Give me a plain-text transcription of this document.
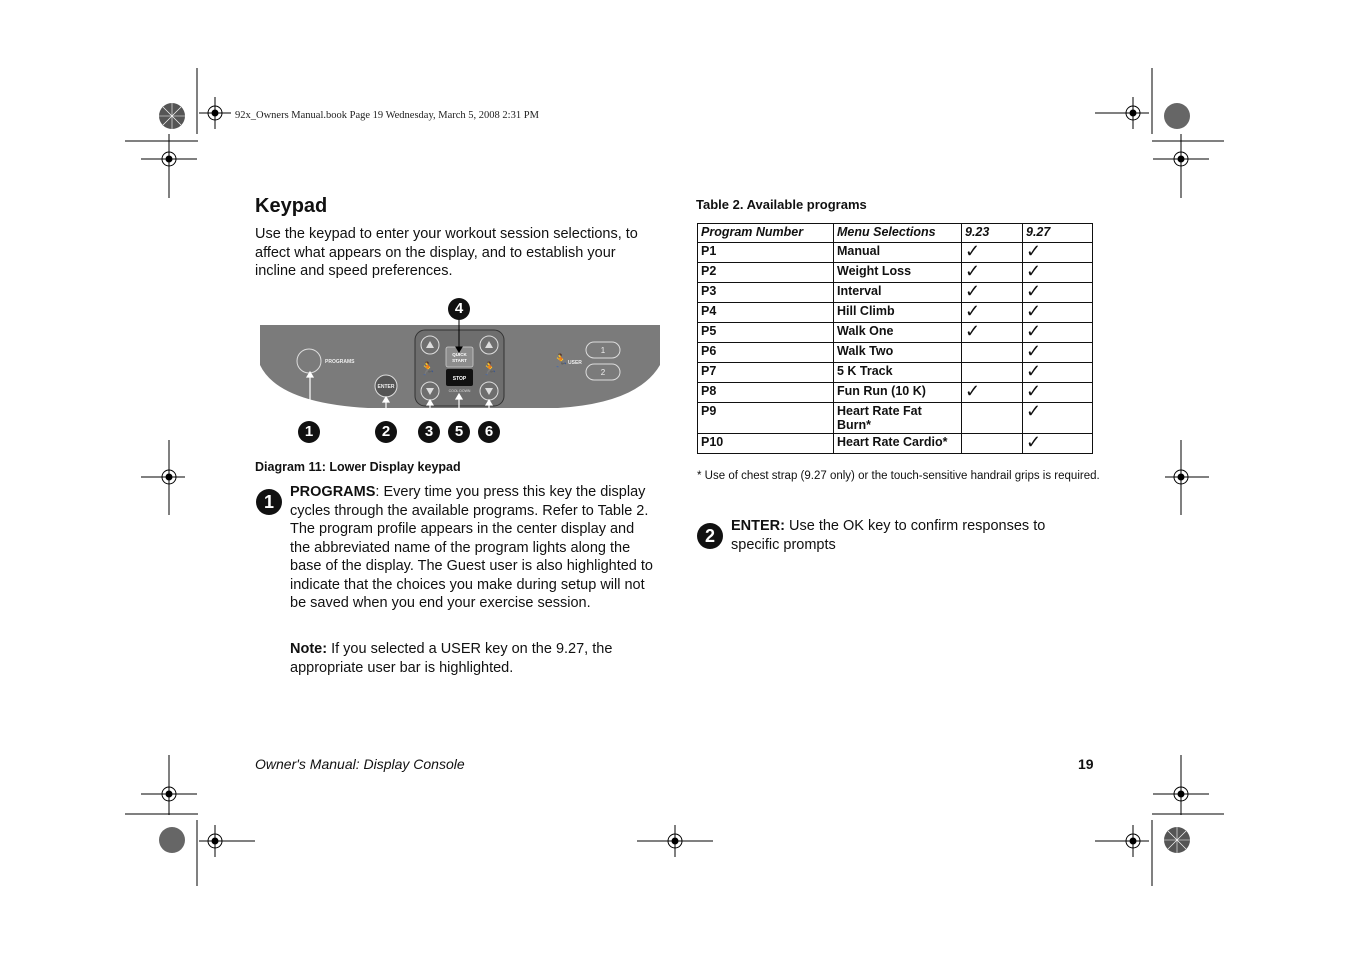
92x_Owners Manual.book Page 19 Wednesday, March 5, 2008 2:31 PM
Keypad
Use the keypad to enter your workout session selections, to affect what appears on the display, and to establish your incline and speed preferences.
PROGRAMS
ENTER
🏃	🏃
QUICK
START
STOP
COOL DOWN
🏃
USER
1
2
1	2	3
4
5	6
Diagram 11: Lower Display keypad
1	PROGRAMS: Every time you press this key the display cycles through the available programs. Refer to Table 2. The program profile appears in the center display and the abbreviated name of the program lights along the base of the display. The Guest user is also highlighted to indicate that the choices you make during setup will not be saved when you end your exercise session.
Note: If you selected a USER key on the 9.27, the appropriate user bar is highlighted.
Table 2. Available programs
Program Number	Menu Selections	9.23	9.27
P1	Manual	✓	✓
P2	Weight Loss	✓	✓
P3	Interval	✓	✓
P4	Hill Climb	✓	✓
P5	Walk One	✓	✓
P6	Walk Two		✓
P7	5 K Track		✓
P8	Fun Run (10 K)	✓	✓
P9	Heart Rate Fat Burn*		✓
P10	Heart Rate Cardio*		✓
* Use of chest strap (9.27 only) or the touch-sensitive handrail grips is required.
2	ENTER: Use the OK key to confirm responses to specific prompts
Owner's Manual: Display Console	19
